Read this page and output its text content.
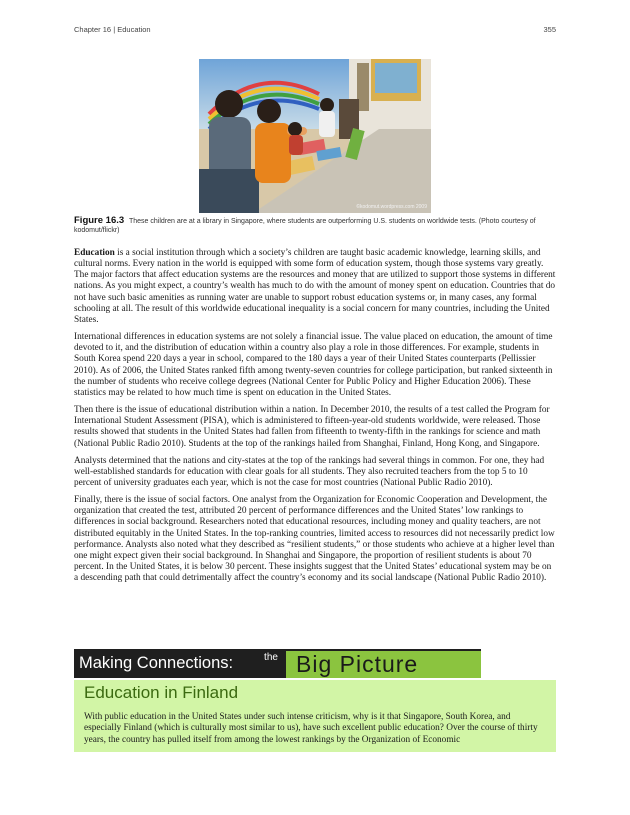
Chapter 16 | Education	355
©kodomut.wordpress.com 2009
Figure 16.3 These children are at a library in Singapore, where students are outperforming U.S. students on worldwide tests. (Photo courtesy of kodomut/flickr)

Education is a social institution through which a society’s children are taught basic academic knowledge, learning skills, and cultural norms. Every nation in the world is equipped with some form of education system, though those systems vary greatly. The major factors that affect education systems are the resources and money that are utilized to support those systems in different nations. As you might expect, a country’s wealth has much to do with the amount of money spent on education. Countries that do not have such basic amenities as running water are unable to support robust education systems or, in many cases, any formal schooling at all. The result of this worldwide educational inequality is a social concern for many countries, including the United States.

International differences in education systems are not solely a financial issue. The value placed on education, the amount of time devoted to it, and the distribution of education within a country also play a role in those differences. For example, students in South Korea spend 220 days a year in school, compared to the 180 days a year of their United States counterparts (Pellissier 2010). As of 2006, the United States ranked fifth among twenty-seven countries for college participation, but ranked sixteenth in the number of students who receive college degrees (National Center for Public Policy and Higher Education 2006). These statistics may be related to how much time is spent on education in the United States.

Then there is the issue of educational distribution within a nation. In December 2010, the results of a test called the Program for International Student Assessment (PISA), which is administered to fifteen-year-old students worldwide, were released. Those results showed that students in the United States had fallen from fifteenth to twenty-fifth in the rankings for science and math (National Public Radio 2010). Students at the top of the rankings hailed from Shanghai, Finland, Hong Kong, and Singapore.

Analysts determined that the nations and city-states at the top of the rankings had several things in common. For one, they had well-established standards for education with clear goals for all students. They also recruited teachers from the top 5 to 10 percent of university graduates each year, which is not the case for most countries (National Public Radio 2010).

Finally, there is the issue of social factors. One analyst from the Organization for Economic Cooperation and Development, the organization that created the test, attributed 20 percent of performance differences and the United States’ low rankings to differences in social background. Researchers noted that educational resources, including money and quality teachers, are not distributed equitably in the United States. In the top-ranking countries, limited access to resources did not necessarily predict low performance. Analysts also noted what they described as “resilient students,” or those students who achieve at a higher level than one might expect given their social background. In Shanghai and Singapore, the proportion of resilient students is about 70 percent. In the United States, it is below 30 percent. These insights suggest that the United States’ educational system may be on a descending path that could detrimentally affect the country’s economy and its social landscape (National Public Radio 2010).

Making Connections:	the Big Picture
Education in Finland

With public education in the United States under such intense criticism, why is it that Singapore, South Korea, and especially Finland (which is culturally most similar to us), have such excellent public education? Over the course of thirty years, the country has pulled itself from among the lowest rankings by the Organization of Economic
